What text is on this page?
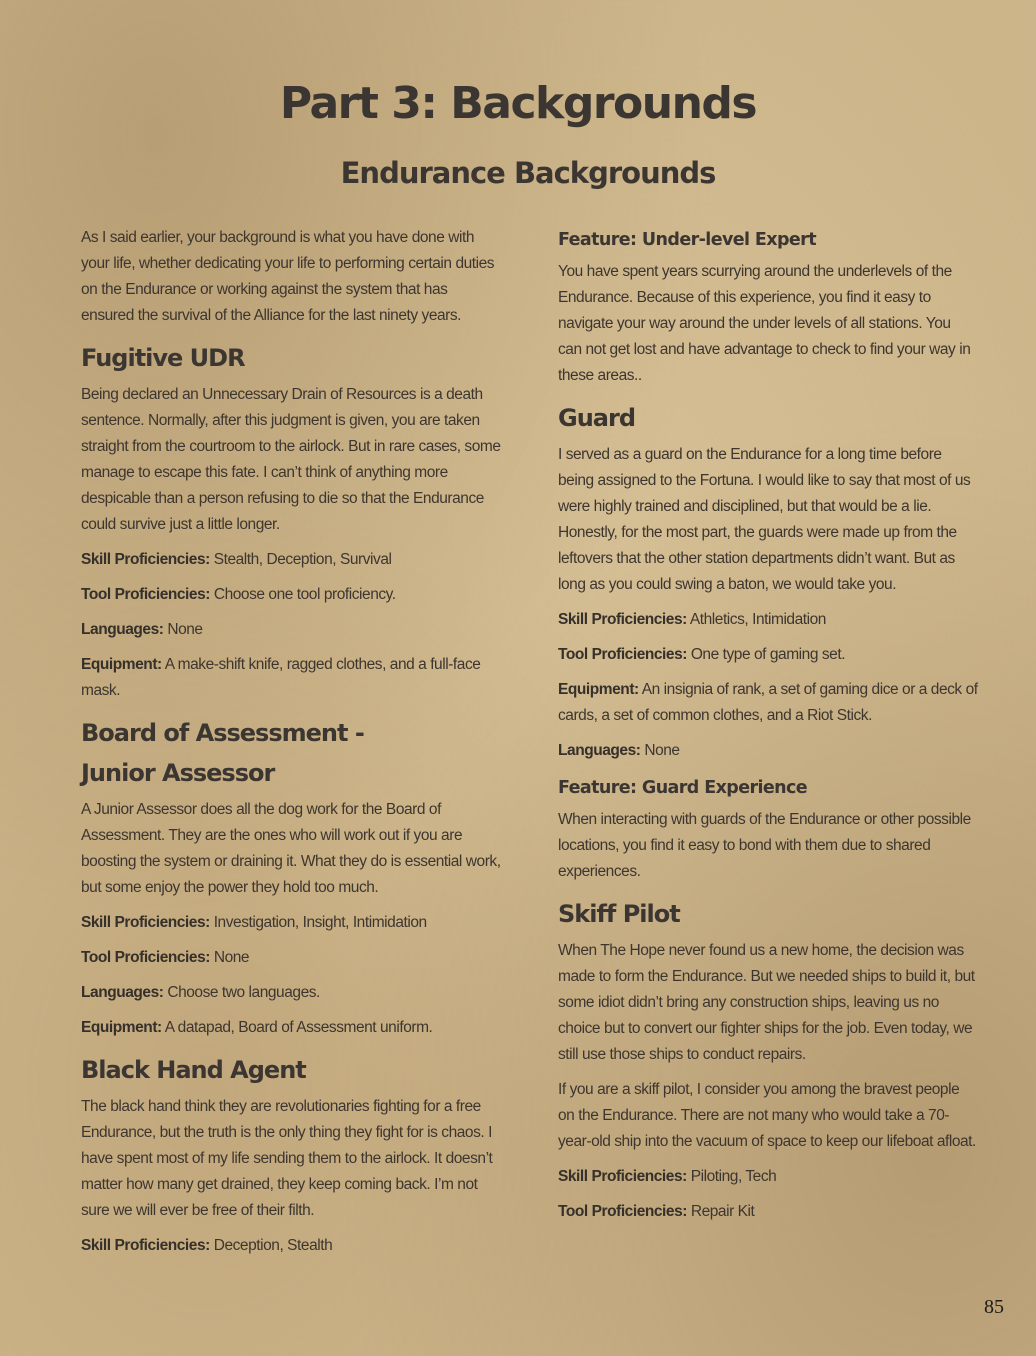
Part 3: Backgrounds
Endurance Backgrounds

As I said earlier, your background is what you have done with your life, whether dedicating your life to performing certain duties on the Endurance or working against the system that has ensured the survival of the Alliance for the last ninety years.

Fugitive UDR

Being declared an Unnecessary Drain of Resources is a death sentence. Normally, after this judgment is given, you are taken straight from the courtroom to the airlock. But in rare cases, some manage to escape this fate. I can’t think of anything more despicable than a person refusing to die so that the Endurance could survive just a little longer.

Skill Proficiencies: Stealth, Deception, Survival

Tool Proficiencies: Choose one tool proficiency.

Languages: None

Equipment: A make-shift knife, ragged clothes, and a full-face mask.

Board of Assessment - Junior Assessor

A Junior Assessor does all the dog work for the Board of Assessment. They are the ones who will work out if you are boosting the system or draining it. What they do is essential work, but some enjoy the power they hold too much.

Skill Proficiencies: Investigation, Insight, Intimidation

Tool Proficiencies: None

Languages: Choose two languages.

Equipment: A datapad, Board of Assessment uniform.

Black Hand Agent

The black hand think they are revolutionaries fighting for a free Endurance, but the truth is the only thing they fight for is chaos. I have spent most of my life sending them to the airlock. It doesn’t matter how many get drained, they keep coming back. I’m not sure we will ever be free of their filth.

Skill Proficiencies: Deception, Stealth

Feature: Under-level Expert

You have spent years scurrying around the underlevels of the Endurance. Because of this experience, you find it easy to navigate your way around the under levels of all stations. You can not get lost and have advantage to check to find your way in these areas..

Guard

I served as a guard on the Endurance for a long time before being assigned to the Fortuna. I would like to say that most of us were highly trained and disciplined, but that would be a lie. Honestly, for the most part, the guards were made up from the leftovers that the other station departments didn’t want. But as long as you could swing a baton, we would take you.

Skill Proficiencies: Athletics, Intimidation

Tool Proficiencies: One type of gaming set.

Equipment: An insignia of rank, a set of gaming dice or a deck of cards, a set of common clothes, and a Riot Stick.

Languages: None

Feature: Guard Experience

When interacting with guards of the Endurance or other possible locations, you find it easy to bond with them due to shared experiences.

Skiff Pilot

When The Hope never found us a new home, the decision was made to form the Endurance. But we needed ships to build it, but some idiot didn’t bring any construction ships, leaving us no choice but to convert our fighter ships for the job. Even today, we still use those ships to conduct repairs.

If you are a skiff pilot, I consider you among the bravest people on the Endurance. There are not many who would take a 70-year-old ship into the vacuum of space to keep our lifeboat afloat.

Skill Proficiencies: Piloting, Tech

Tool Proficiencies: Repair Kit

85
